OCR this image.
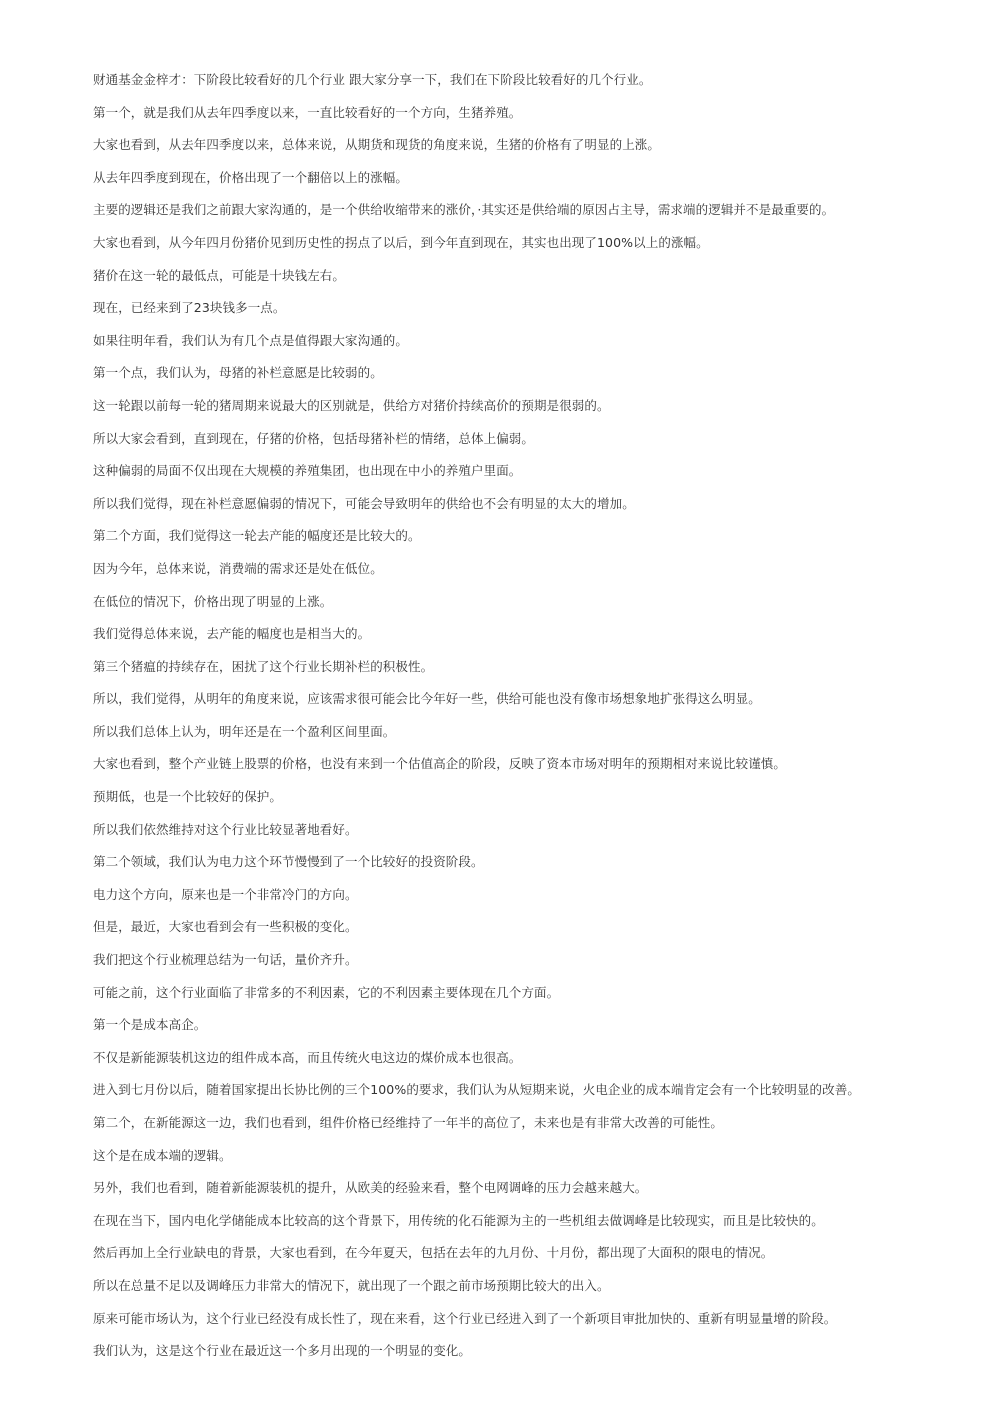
财通基金金梓才：下阶段比较看好的几个行业 跟大家分享一下，我们在下阶段比较看好的几个行业。

第一个，就是我们从去年四季度以来，一直比较看好的一个方向，生猪养殖。

大家也看到，从去年四季度以来，总体来说，从期货和现货的角度来说，生猪的价格有了明显的上涨。

从去年四季度到现在，价格出现了一个翻倍以上的涨幅。

主要的逻辑还是我们之前跟大家沟通的，是一个供给收缩带来的涨价，·其实还是供给端的原因占主导，需求端的逻辑并不是最重要的。

大家也看到，从今年四月份猪价见到历史性的拐点了以后，到今年直到现在，其实也出现了100%以上的涨幅。

猪价在这一轮的最低点，可能是十块钱左右。

现在，已经来到了23块钱多一点。

如果往明年看，我们认为有几个点是值得跟大家沟通的。

第一个点，我们认为，母猪的补栏意愿是比较弱的。

这一轮跟以前每一轮的猪周期来说最大的区别就是，供给方对猪价持续高价的预期是很弱的。

所以大家会看到，直到现在，仔猪的价格，包括母猪补栏的情绪，总体上偏弱。

这种偏弱的局面不仅出现在大规模的养殖集团，也出现在中小的养殖户里面。

所以我们觉得，现在补栏意愿偏弱的情况下，可能会导致明年的供给也不会有明显的太大的增加。

第二个方面，我们觉得这一轮去产能的幅度还是比较大的。

因为今年，总体来说，消费端的需求还是处在低位。

在低位的情况下，价格出现了明显的上涨。

我们觉得总体来说，去产能的幅度也是相当大的。

第三个猪瘟的持续存在，困扰了这个行业长期补栏的积极性。

所以，我们觉得，从明年的角度来说，应该需求很可能会比今年好一些，供给可能也没有像市场想象地扩张得这么明显。

所以我们总体上认为，明年还是在一个盈利区间里面。

大家也看到，整个产业链上股票的价格，也没有来到一个估值高企的阶段，反映了资本市场对明年的预期相对来说比较谨慎。

预期低，也是一个比较好的保护。

所以我们依然维持对这个行业比较显著地看好。

第二个领域，我们认为电力这个环节慢慢到了一个比较好的投资阶段。

电力这个方向，原来也是一个非常冷门的方向。

但是，最近，大家也看到会有一些积极的变化。

我们把这个行业梳理总结为一句话，量价齐升。

可能之前，这个行业面临了非常多的不利因素，它的不利因素主要体现在几个方面。

第一个是成本高企。

不仅是新能源装机这边的组件成本高，而且传统火电这边的煤价成本也很高。

进入到七月份以后，随着国家提出长协比例的三个100%的要求，我们认为从短期来说，火电企业的成本端肯定会有一个比较明显的改善。

第二个，在新能源这一边，我们也看到，组件价格已经维持了一年半的高位了，未来也是有非常大改善的可能性。

这个是在成本端的逻辑。

另外，我们也看到，随着新能源装机的提升，从欧美的经验来看，整个电网调峰的压力会越来越大。

在现在当下，国内电化学储能成本比较高的这个背景下，用传统的化石能源为主的一些机组去做调峰是比较现实，而且是比较快的。

然后再加上全行业缺电的背景，大家也看到，在今年夏天，包括在去年的九月份、十月份，都出现了大面积的限电的情况。

所以在总量不足以及调峰压力非常大的情况下，就出现了一个跟之前市场预期比较大的出入。

原来可能市场认为，这个行业已经没有成长性了，现在来看，这个行业已经进入到了一个新项目审批加快的、重新有明显量增的阶段。

我们认为，这是这个行业在最近这一个多月出现的一个明显的变化。
